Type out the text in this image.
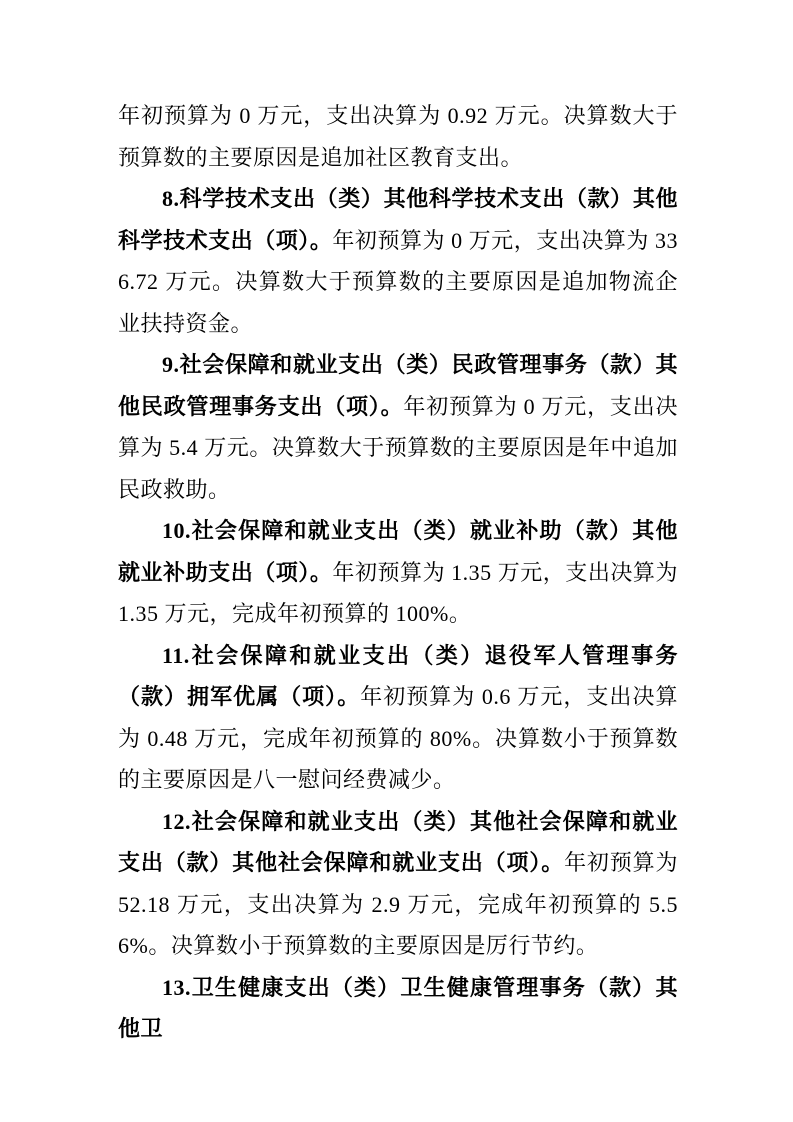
年初预算为 0 万元，支出决算为 0.92 万元。决算数大于预算数的主要原因是追加社区教育支出。

8.科学技术支出（类）其他科学技术支出（款）其他科学技术支出（项）。年初预算为 0 万元，支出决算为 336.72 万元。决算数大于预算数的主要原因是追加物流企业扶持资金。

9.社会保障和就业支出（类）民政管理事务（款）其他民政管理事务支出（项）。年初预算为 0 万元，支出决算为 5.4 万元。决算数大于预算数的主要原因是年中追加民政救助。

10.社会保障和就业支出（类）就业补助（款）其他就业补助支出（项）。年初预算为 1.35 万元，支出决算为 1.35 万元，完成年初预算的 100%。

11.社会保障和就业支出（类）退役军人管理事务（款）拥军优属（项）。年初预算为 0.6 万元，支出决算为 0.48 万元，完成年初预算的 80%。决算数小于预算数的主要原因是八一慰问经费减少。

12.社会保障和就业支出（类）其他社会保障和就业支出（款）其他社会保障和就业支出（项）。年初预算为 52.18 万元，支出决算为 2.9 万元，完成年初预算的 5.56%。决算数小于预算数的主要原因是厉行节约。

13.卫生健康支出（类）卫生健康管理事务（款）其他卫
